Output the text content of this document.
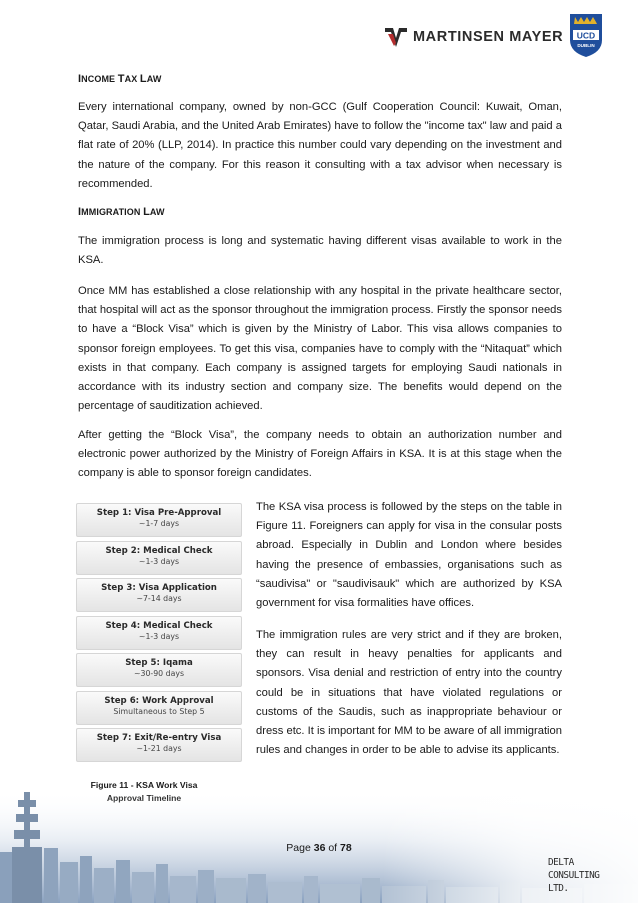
MARTINSEN MAYER UCD
DUBLIN
INCOME TAX LAW

Every international company, owned by non-GCC (Gulf Cooperation Council: Kuwait, Oman, Qatar, Saudi Arabia, and the United Arab Emirates) have to follow the "income tax" law and paid a flat rate of 20% (LLP, 2014). In practice this number could vary depending on the investment and the nature of the company. For this reason it consulting with a tax advisor when necessary is recommended.

IMMIGRATION LAW

The immigration process is long and systematic having different visas available to work in the KSA.

Once MM has established a close relationship with any hospital in the private healthcare sector, that hospital will act as the sponsor throughout the immigration process. Firstly the sponsor needs to have a “Block Visa” which is given by the Ministry of Labor. This visa allows companies to sponsor foreign employees. To get this visa, companies have to comply with the “Nitaquat” which exists in that company. Each company is assigned targets for employing Saudi nationals in accordance with its industry section and company size. The benefits would depend on the percentage of sauditization achieved.

After getting the “Block Visa”, the company needs to obtain an authorization number and electronic power authorized by the Ministry of Foreign Affairs in KSA. It is at this stage when the company is able to sponsor foreign candidates.

Step 1: Visa Pre-Approval
~1-7 days
Step 2: Medical Check
~1-3 days
Step 3: Visa Application
~7-14 days
Step 4: Medical Check
~1-3 days
Step 5: Iqama
~30-90 days
Step 6: Work Approval
Simultaneous to Step 5
Step 7: Exit/Re-entry Visa
~1-21 days
Figure 11 - KSA Work Visa

The KSA visa process is followed by the steps on the table in Figure 11. Foreigners can apply for visa in the consular posts abroad. Especially in Dublin and London where besides having the presence of embassies, organisations such as “saudivisa" or "saudivisauk" which are authorized by KSA government for visa formalities have offices.

The immigration rules are very strict and if they are broken, they can result in heavy penalties for applicants and sponsors. Visa denial and restriction of entry into the country could be in situations that have violated regulations or customs of the Saudis, such as inappropriate behaviour or dress etc. It is important for MM to be aware of all immigration rules and changes in order to be able to advise its applicants.

Page 36 of 78
DELTA
CONSULTING LTD.
